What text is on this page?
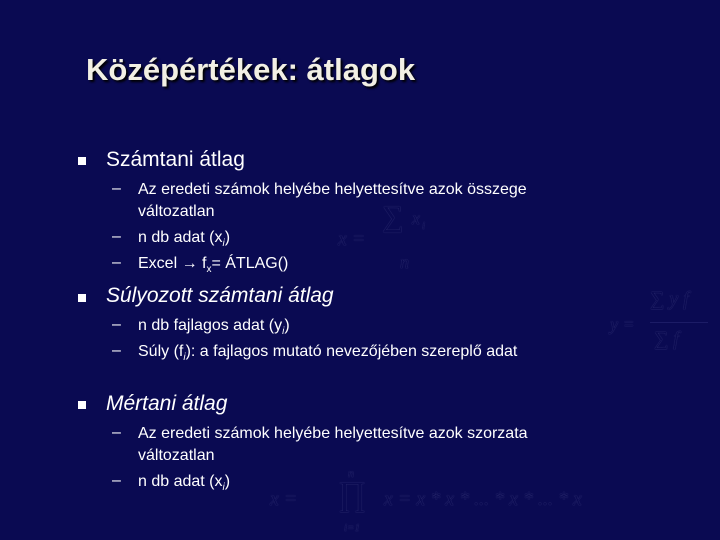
Középértékek: átlagok
Számtani átlag
– Az eredeti számok helyébe helyettesítve azok összege
változatlan
– n db adat $(x_i)$
– Excel → $f_x=$ ÁTLAG()
x =
∑ x i
n
Súlyozott számtani átlag
– n db fajlagos adat $(y_i)$
– Súly $(f_i)$: a fajlagos mutató nevezőjében szereplő adat
y =
∑ y f
∑ f
Mértani átlag
– Az eredeti számok helyébe helyettesítve azok szorzata
változatlan
– n db adat $(x_i)$
x =
n
∏
i=1
x = x * x * ... * x * ... * x
